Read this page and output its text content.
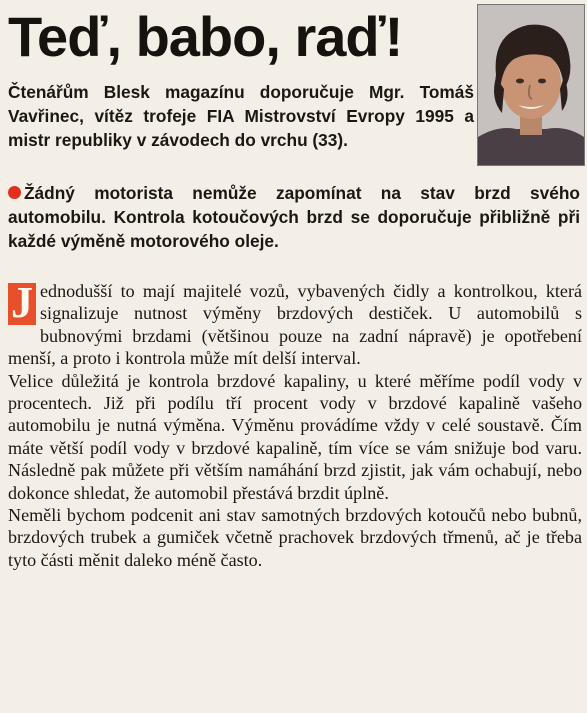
Teď, babo, raď!
Čtenářům Blesk magazínu doporučuje Mgr. Tomáš Vavřinec, vítěz trofeje FIA Mistrovství Evropy 1995 a mistr republiky v závodech do vrchu (33).
Žádný motorista nemůže zapomínat na stav brzd svého automobilu. Kontrola kotoučových brzd se doporučuje přibližně při každé výměně motorového oleje.

J ednodušší to mají majitelé vozů, vybavených čidly a kontrolkou, která signalizuje nutnost výměny brzdových destiček. U automobilů s bubnovými brzdami (většinou pouze na zadní nápravě) je opotřebení menší, a proto i kontrola může mít delší interval.

Velice důležitá je kontrola brzdové kapaliny, u které měříme podíl vody v procentech. Již při podílu tří procent vody v brzdové kapalině vašeho automobilu je nutná výměna. Výměnu provádíme vždy v celé soustavě. Čím máte větší podíl vody v brzdové kapalině, tím více se vám snižuje bod varu. Následně pak můžete při větším namáhání brzd zjistit, jak vám ochabují, nebo dokonce shledat, že automobil přestává brzdit úplně.

Neměli bychom podcenit ani stav samotných brzdových kotoučů nebo bubnů, brzdových trubek a gumiček včetně prachovek brzdových třmenů, ač je třeba tyto části měnit daleko méně často.
